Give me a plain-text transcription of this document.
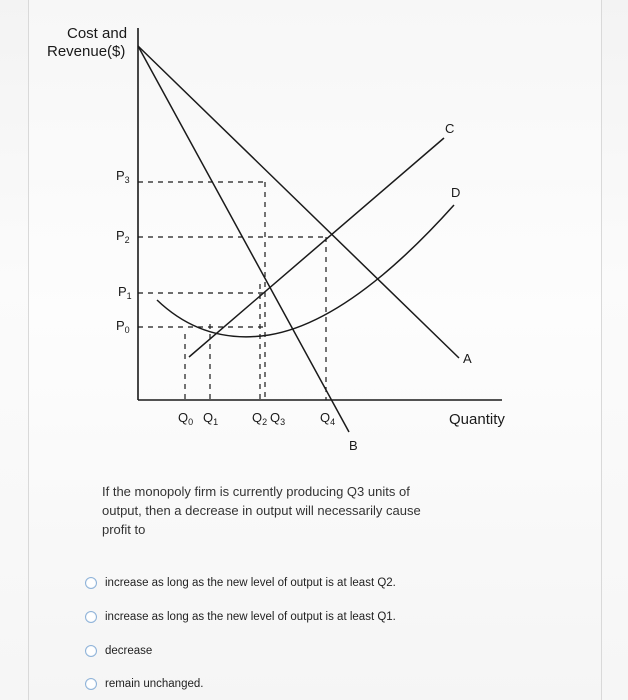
Cost and
Revenue($)
$P_3$
$P_2$
$P_1$
$P_0$
$Q_0$ $Q_1$	$Q_2$ $Q_3$	$Q_4$
A
B
C
D
Quantity
If the monopoly firm is currently producing Q3 units of output, then a decrease in output will necessarily cause profit to
increase as long as the new level of output is at least Q2.
increase as long as the new level of output is at least Q1.
decrease
remain unchanged.
